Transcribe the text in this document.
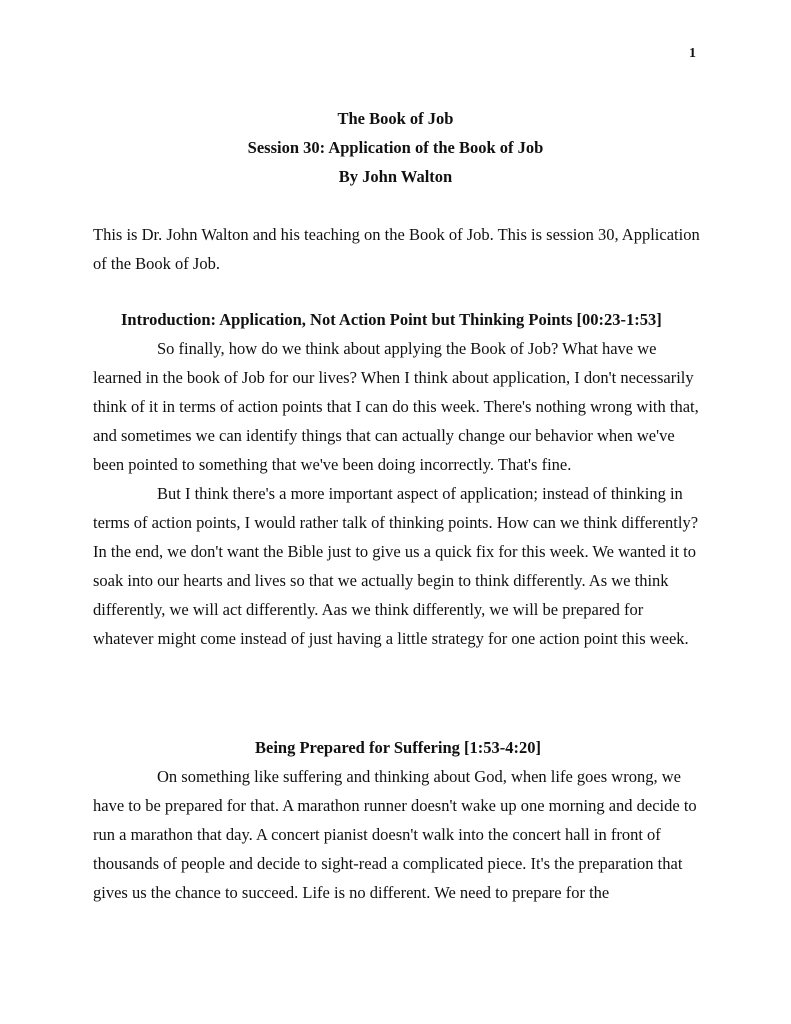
1
The Book of Job
Session 30: Application of the Book of Job
By John Walton

This is Dr. John Walton and his teaching on the Book of Job. This is session 30, Application of the Book of Job.

Introduction: Application, Not Action Point but Thinking Points [00:23-1:53]

So finally, how do we think about applying the Book of Job? What have we learned in the book of Job for our lives? When I think about application, I don't necessarily think of it in terms of action points that I can do this week. There's nothing wrong with that, and sometimes we can identify things that can actually change our behavior when we've been pointed to something that we've been doing incorrectly. That's fine.

But I think there's a more important aspect of application; instead of thinking in terms of action points, I would rather talk of thinking points. How can we think differently? In the end, we don't want the Bible just to give us a quick fix for this week. We wanted it to soak into our hearts and lives so that we actually begin to think differently. As we think differently, we will act differently. Aas we think differently, we will be prepared for whatever might come instead of just having a little strategy for one action point this week.

Being Prepared for Suffering [1:53-4:20]

On something like suffering and thinking about God, when life goes wrong, we have to be prepared for that. A marathon runner doesn't wake up one morning and decide to run a marathon that day. A concert pianist doesn't walk into the concert hall in front of thousands of people and decide to sight-read a complicated piece. It's the preparation that gives us the chance to succeed. Life is no different. We need to prepare for the
